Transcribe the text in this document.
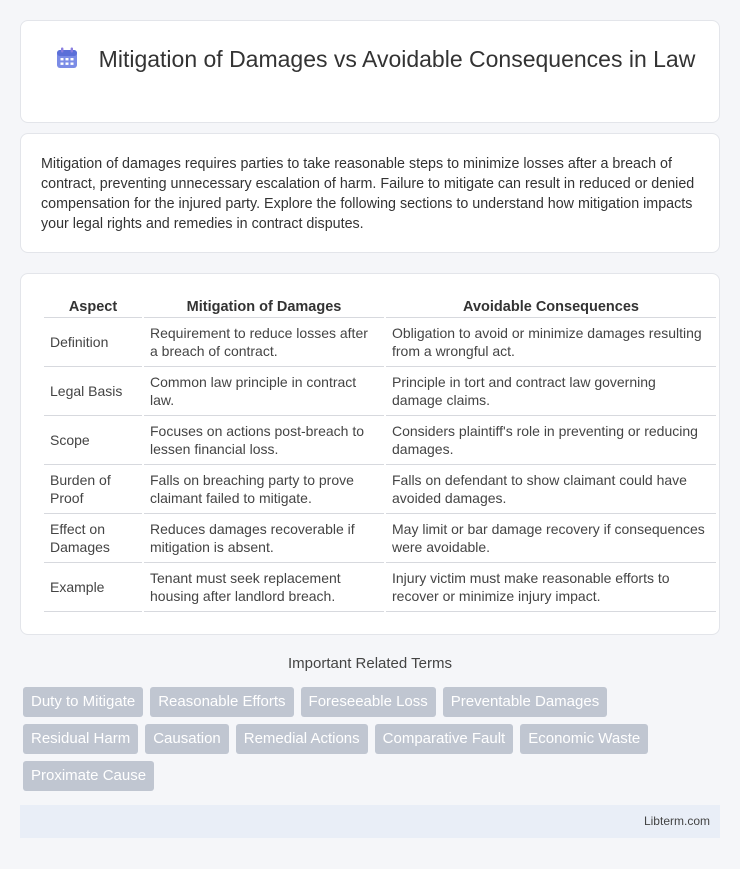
Mitigation of Damages vs Avoidable Consequences in Law

Mitigation of damages requires parties to take reasonable steps to minimize losses after a breach of contract, preventing unnecessary escalation of harm. Failure to mitigate can result in reduced or denied compensation for the injured party. Explore the following sections to understand how mitigation impacts your legal rights and remedies in contract disputes.

Aspect	Mitigation of Damages	Avoidable Consequences
Definition	Requirement to reduce losses after a breach of contract.	Obligation to avoid or minimize damages resulting from a wrongful act.
Legal Basis	Common law principle in contract law.	Principle in tort and contract law governing damage claims.
Scope	Focuses on actions post-breach to lessen financial loss.	Considers plaintiff's role in preventing or reducing damages.
Burden of Proof	Falls on breaching party to prove claimant failed to mitigate.	Falls on defendant to show claimant could have avoided damages.
Effect on Damages	Reduces damages recoverable if mitigation is absent.	May limit or bar damage recovery if consequences were avoidable.
Example	Tenant must seek replacement housing after landlord breach.	Injury victim must make reasonable efforts to recover or minimize injury impact.
Important Related Terms
Duty to Mitigate	Reasonable Efforts	Foreseeable Loss	Preventable Damages
Residual Harm	Causation	Remedial Actions	Comparative Fault	Economic Waste
Proximate Cause
Libterm.com
